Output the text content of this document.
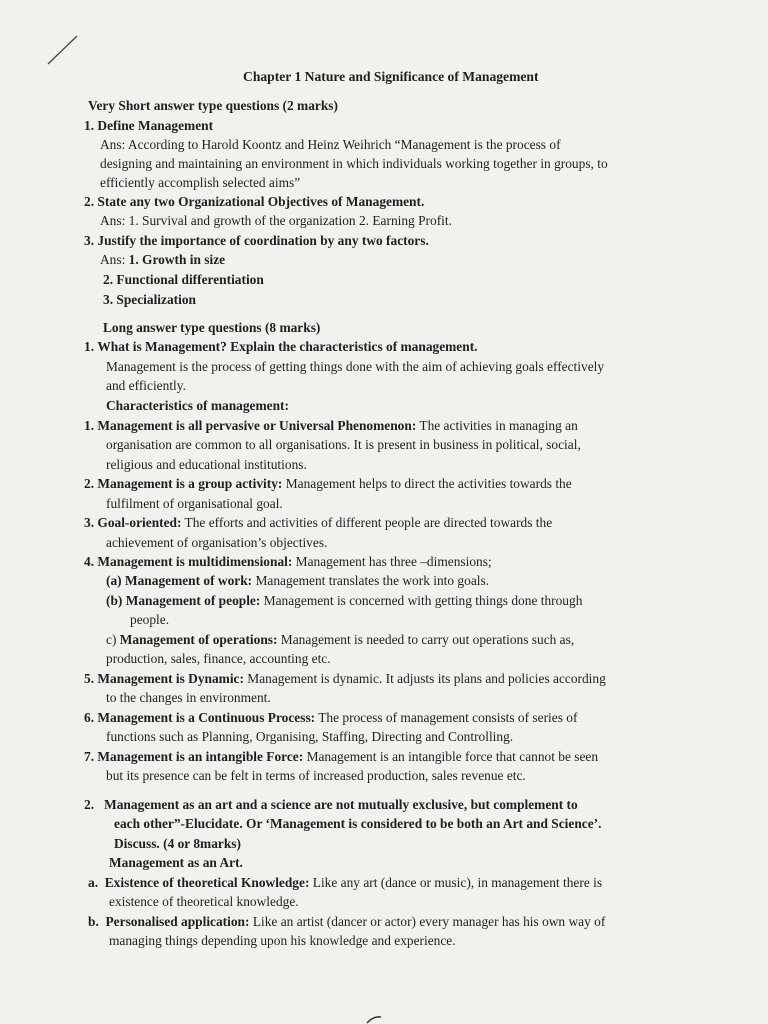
Chapter 1 Nature and Significance of Management
Very Short answer type questions (2 marks)
1. Define Management
Ans: According to Harold Koontz and Heinz Weihrich “Management is the process of
designing and maintaining an environment in which individuals working together in groups, to
efficiently accomplish selected aims”
2. State any two Organizational Objectives of Management.
Ans: 1. Survival and growth of the organization 2. Earning Profit.
3. Justify the importance of coordination by any two factors.
Ans: 1. Growth in size
2. Functional differentiation
3. Specialization
Long answer type questions (8 marks)
1. What is Management? Explain the characteristics of management.
Management is the process of getting things done with the aim of achieving goals effectively
and efficiently.
Characteristics of management:
1. Management is all pervasive or Universal Phenomenon: The activities in managing an
organisation are common to all organisations. It is present in business in political, social,
religious and educational institutions.
2. Management is a group activity: Management helps to direct the activities towards the
fulfilment of organisational goal.
3. Goal-oriented: The efforts and activities of different people are directed towards the
achievement of organisation’s objectives.
4. Management is multidimensional: Management has three –dimensions;
(a) Management of work: Management translates the work into goals.
(b) Management of people: Management is concerned with getting things done through
people.
c) Management of operations: Management is needed to carry out operations such as,
production, sales, finance, accounting etc.
5. Management is Dynamic: Management is dynamic. It adjusts its plans and policies according
to the changes in environment.
6. Management is a Continuous Process: The process of management consists of series of
functions such as Planning, Organising, Staffing, Directing and Controlling.
7. Management is an intangible Force: Management is an intangible force that cannot be seen
but its presence can be felt in terms of increased production, sales revenue etc.
2. Management as an art and a science are not mutually exclusive, but complement to
each other”-Elucidate. Or ‘Management is considered to be both an Art and Science’.
Discuss. (4 or 8marks)
Management as an Art.
a. Existence of theoretical Knowledge: Like any art (dance or music), in management there is
existence of theoretical knowledge.
b. Personalised application: Like an artist (dancer or actor) every manager has his own way of
managing things depending upon his knowledge and experience.
